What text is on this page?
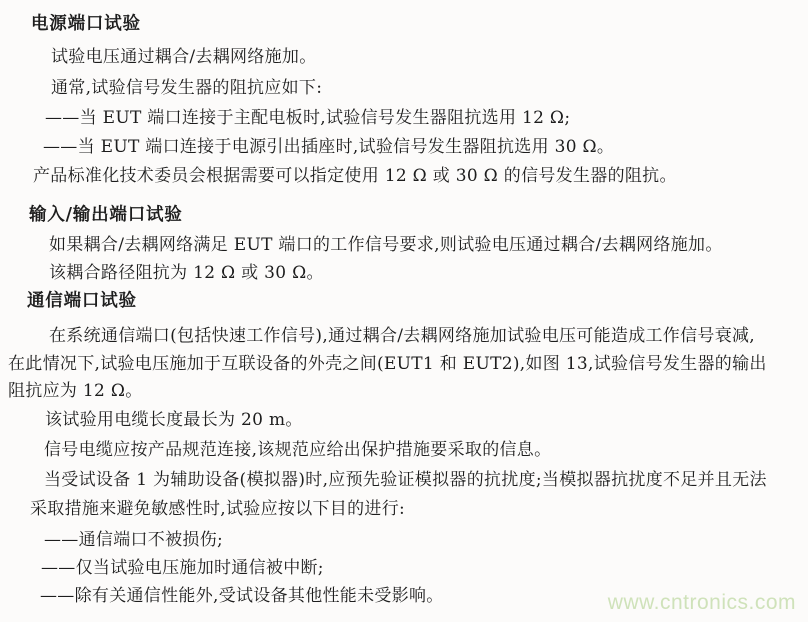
电源端口试验
试验电压通过耦合/去耦网络施加。
通常,试验信号发生器的阻抗应如下:
——当 EUT 端口连接于主配电板时,试验信号发生器阻抗选用 12 Ω;
——当 EUT 端口连接于电源引出插座时,试验信号发生器阻抗选用 30 Ω。
产品标准化技术委员会根据需要可以指定使用 12 Ω 或 30 Ω 的信号发生器的阻抗。
输入/输出端口试验
如果耦合/去耦网络满足 EUT 端口的工作信号要求,则试验电压通过耦合/去耦网络施加。
该耦合路径阻抗为 12 Ω 或 30 Ω。
通信端口试验
在系统通信端口(包括快速工作信号),通过耦合/去耦网络施加试验电压可能造成工作信号衰减,
在此情况下,试验电压施加于互联设备的外壳之间(EUT1 和 EUT2),如图 13,试验信号发生器的输出
阻抗应为 12 Ω。
该试验用电缆长度最长为 20 m。
信号电缆应按产品规范连接,该规范应给出保护措施要采取的信息。
当受试设备 1 为辅助设备(模拟器)时,应预先验证模拟器的抗扰度;当模拟器抗扰度不足并且无法
采取措施来避免敏感性时,试验应按以下目的进行:
——通信端口不被损伤;
——仅当试验电压施加时通信被中断;
——除有关通信性能外,受试设备其他性能未受影响。	www.cntronics.com
